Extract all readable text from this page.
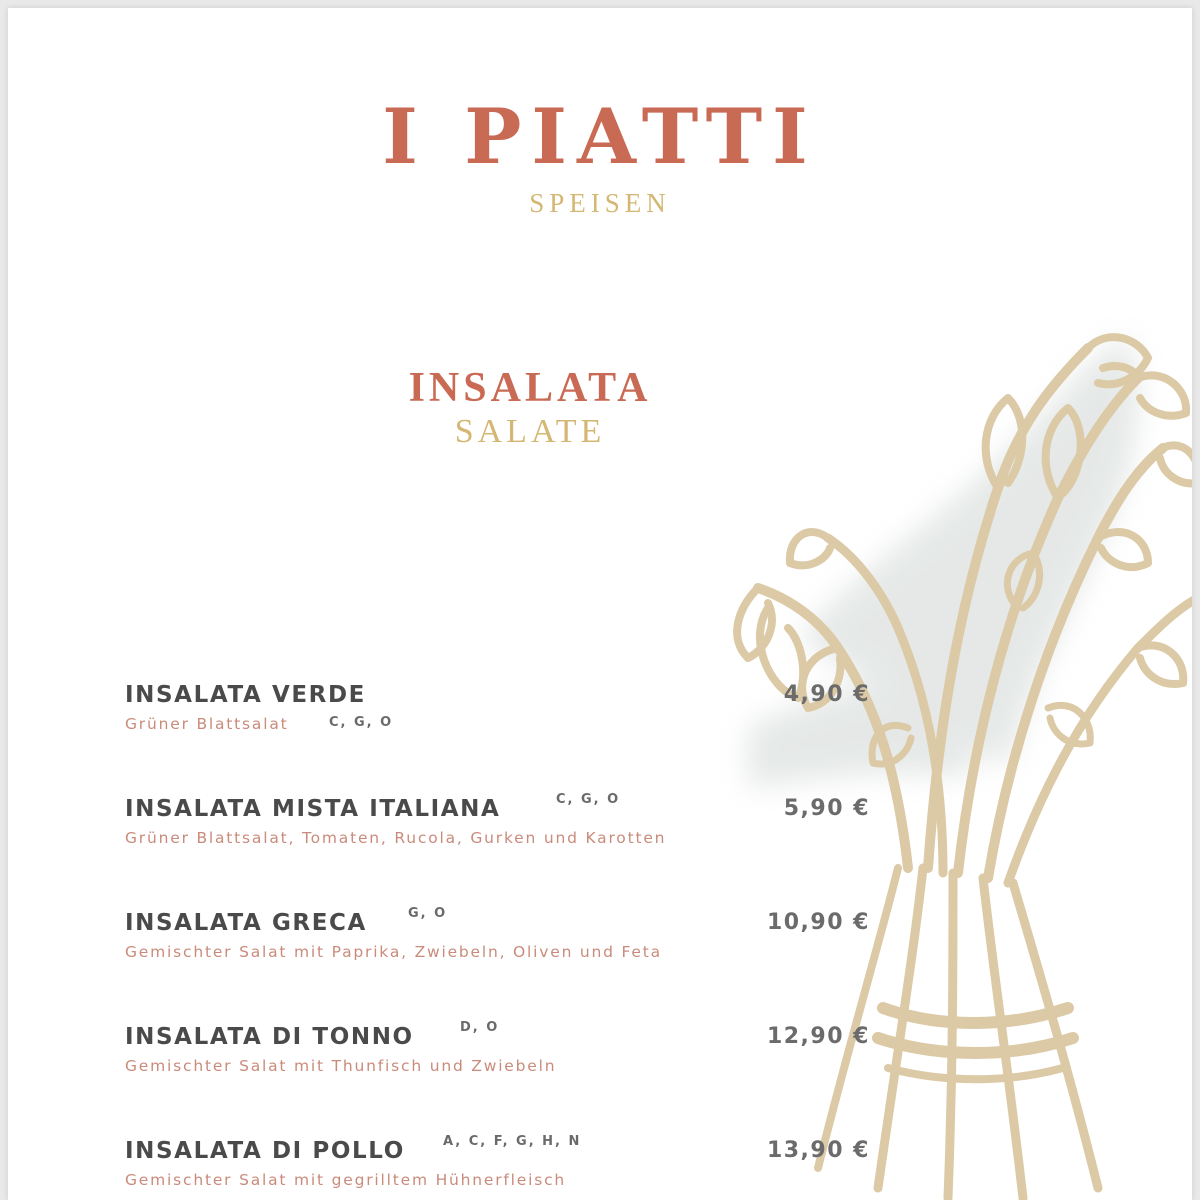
I PIATTI
SPEISEN
INSALATA
SALATE
INSALATA VERDE
Grüner Blattsalat	C, G, O
4,90 €
INSALATA MISTA ITALIANA	C, G, O
Grüner Blattsalat, Tomaten, Rucola, Gurken und Karotten
5,90 €
INSALATA GRECA	G, O
Gemischter Salat mit Paprika, Zwiebeln, Oliven und Feta
10,90 €
INSALATA DI TONNO	D, O
Gemischter Salat mit Thunfisch und Zwiebeln
12,90 €
INSALATA DI POLLO	A, C, F, G, H, N
Gemischter Salat mit gegrilltem Hühnerfleisch
13,90 €
